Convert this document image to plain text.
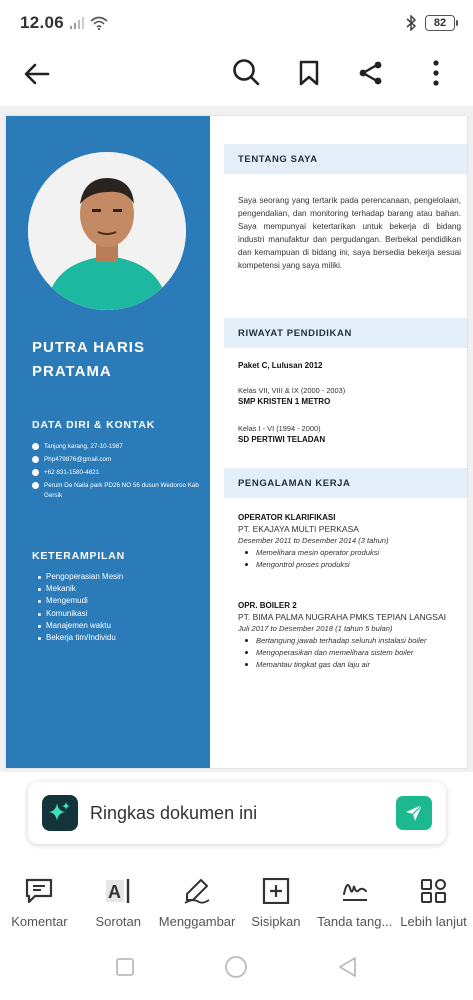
12.06	82
PUTRA HARIS PRATAMA
DATA DIRI & KONTAK
Tanjung karang, 27-10-1987
Php479876@gmail.com
+62 831-1580-4821
Perum De Naila park PD26 NO 56 dusun Wedoroo Kab Gersik
KETERAMPILAN
Pengoperasian Mesin
Mekanik
Mengemudi
Komunikasi
Manajemen waktu
Bekerja tim/Individu
TENTANG SAYA
Saya seorang yang tertarik pada perencanaan, pengelolaan, pengendalian, dan monitoring terhadap barang atau bahan. Saya mempunyai ketertarikan untuk bekerja di bidang industri manufaktur dan pergudangan. Berbekal pendidikan dan kemampuan di bidang ini, saya bersedia bekerja sesuai kompetensi yang saya miliki.
RIWAYAT PENDIDIKAN
Paket C, Lulusan 2012
Kelas VII, VIII & IX (2000 - 2003)
SMP KRISTEN 1 METRO
Kelas I - VI (1994 - 2000)
SD PERTIWI TELADAN
PENGALAMAN KERJA
OPERATOR KLARIFIKASI
PT. EKAJAYA MULTI PERKASA
Desember 2011 to Desember 2014 (3 tahun)
Memelihara mesin operator produksi
Mengontrol proses produksi
OPR. BOILER 2
PT. BIMA PALMA NUGRAHA PMKS TEPIAN LANGSAI
Juli 2017 to Desember 2018 (1 tahun 5 bulan)
Bertangung jawab terhadap seluruh instalasi boiler
Mengoperasikan dan memelihara sistem boiler
Memantau tingkat gas dan laju air
Ringkas dokumen ini
Komentar
A
Sorotan Menggambar Sisipkan Tanda tang... Lebih lanjut
